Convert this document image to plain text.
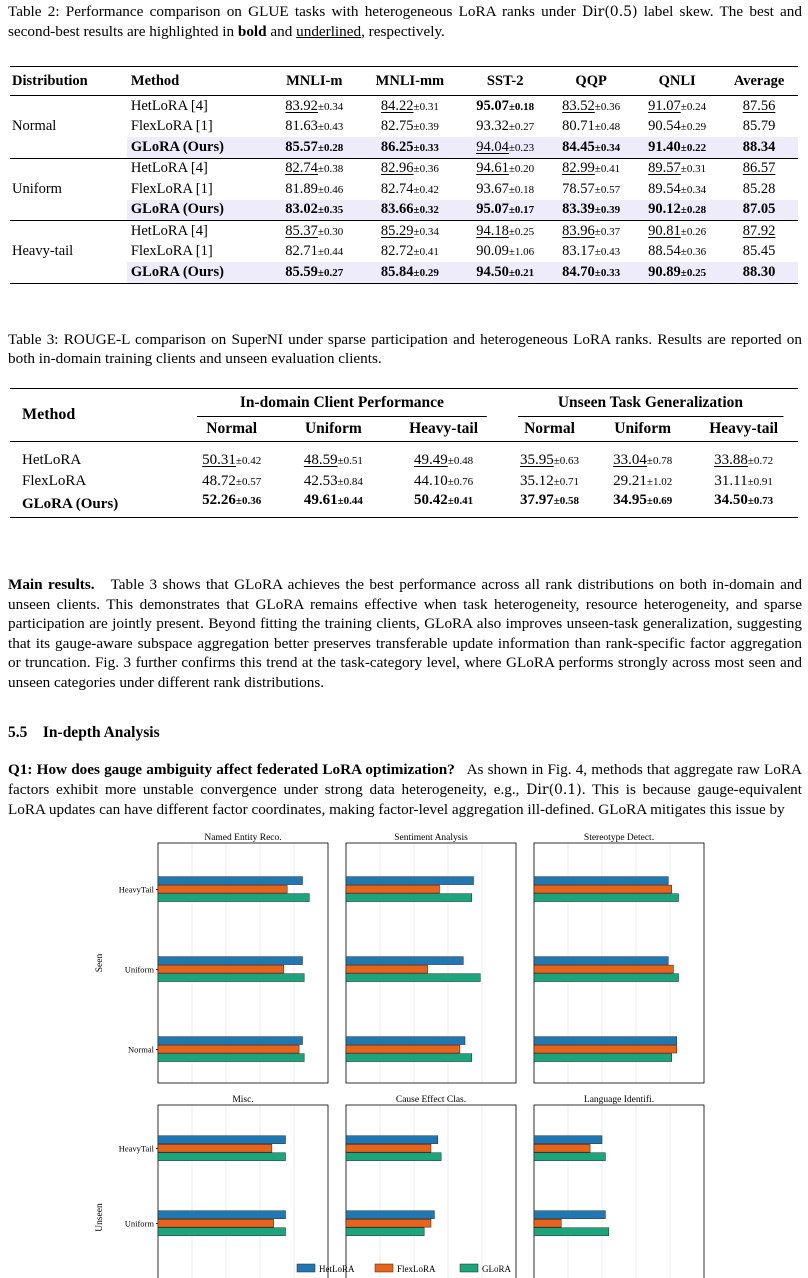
Table 2: Performance comparison on GLUE tasks with heterogeneous LoRA ranks under Dir(0.5) label skew. The best and second-best results are highlighted in bold and underlined, respectively.
Distribution	Method	MNLI-m	MNLI-mm	SST-2	QQP	QNLI	Average
Normal	HetLoRA [4]	83.92±0.34	84.22±0.31	95.07±0.18	83.52±0.36	91.07±0.24	87.56
	FlexLoRA [1]	81.63±0.43	82.75±0.39	93.32±0.27	80.71±0.48	90.54±0.29	85.79
	GLoRA (Ours)	85.57±0.28	86.25±0.33	94.04±0.23	84.45±0.34	91.40±0.22	88.34
Uniform	HetLoRA [4]	82.74±0.38	82.96±0.36	94.61±0.20	82.99±0.41	89.57±0.31	86.57
	FlexLoRA [1]	81.89±0.46	82.74±0.42	93.67±0.18	78.57±0.57	89.54±0.34	85.28
	GLoRA (Ours)	83.02±0.35	83.66±0.32	95.07±0.17	83.39±0.39	90.12±0.28	87.05
Heavy-tail	HetLoRA [4]	85.37±0.30	85.29±0.34	94.18±0.25	83.96±0.37	90.81±0.26	87.92
	FlexLoRA [1]	82.71±0.44	82.72±0.41	90.09±1.06	83.17±0.43	88.54±0.36	85.45
	GLoRA (Ours)	85.59±0.27	85.84±0.29	94.50±0.21	84.70±0.33	90.89±0.25	88.30
Table 3: ROUGE-L comparison on SuperNI under sparse participation and heterogeneous LoRA ranks. Results are reported on both in-domain training clients and unseen evaluation clients.
Method	In-domain Client Performance			Unseen Task Generalization		
	Normal	Uniform	Heavy-tail	Normal	Uniform	Heavy-tail

HetLoRA	50.31±0.42	48.59±0.51	49.49±0.48	35.95±0.63	33.04±0.78	33.88±0.72
FlexLoRA	48.72±0.57	42.53±0.84	44.10±0.76	35.12±0.71	29.21±1.02	31.11±0.91
GLoRA (Ours)	52.26±0.36	49.61±0.44	50.42±0.41	37.97±0.58	34.95±0.69	34.50±0.73
Main results. Table 3 shows that GLoRA achieves the best performance across all rank distributions on both in-domain and unseen clients. This demonstrates that GLoRA remains effective when task heterogeneity, resource heterogeneity, and sparse participation are jointly present. Beyond fitting the training clients, GLoRA also improves unseen-task generalization, suggesting that its gauge-aware subspace aggregation better preserves transferable update information than rank-specific factor aggregation or truncation. Fig. 3 further confirms this trend at the task-category level, where GLoRA performs strongly across most seen and unseen categories under different rank distributions.
5.5 In-depth Analysis
Q1: How does gauge ambiguity affect federated LoRA optimization? As shown in Fig. 4, methods that aggregate raw LoRA factors exhibit more unstable convergence under strong data heterogeneity, e.g., Dir(0.1). This is because gauge-equivalent LoRA updates can have different factor coordinates, making factor-level aggregation ill-defined. GLoRA mitigates this issue by
Named Entity Reco.
HeavyTail
Uniform
Normal
Seen
Sentiment Analysis	Stereotype Detect.
Misc.
HeavyTail
Uniform
Unseen
Cause Effect Clas.	Language Identifi.
HetLoRA	FlexLoRA	GLoRA
